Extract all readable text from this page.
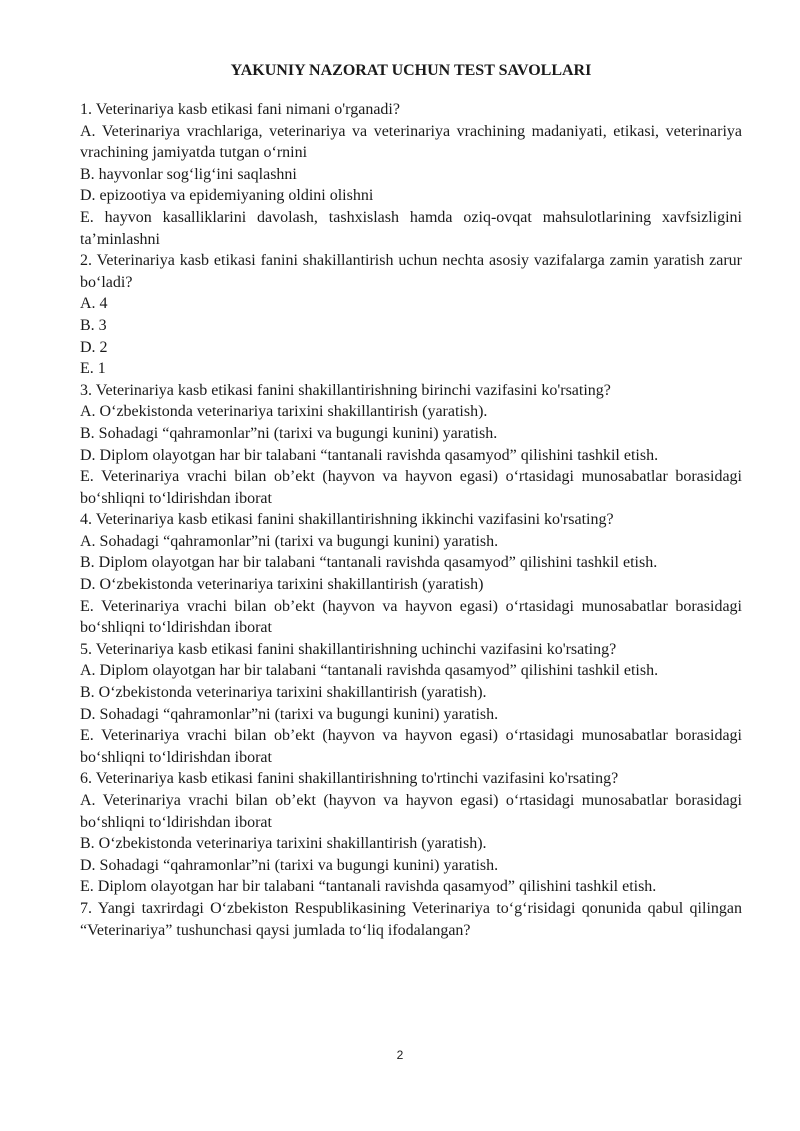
YAKUNIY NAZORAT UCHUN TEST SAVOLLARI

1. Veterinariya kasb etikasi fani nimani o'rganadi?

A. Veterinariya vrachlariga, veterinariya va veterinariya vrachining madaniyati, etikasi, veterinariya vrachining jamiyatda tutgan o‘rnini

B. hayvonlar sog‘lig‘ini saqlashni

D. epizootiya va epidemiyaning oldini olishni

E. hayvon kasalliklarini davolash, tashxislash hamda oziq-ovqat mahsulotlarining xavfsizligini ta’minlashni

2. Veterinariya kasb etikasi fanini shakillantirish uchun nechta asosiy vazifalarga zamin yaratish zarur bo‘ladi?

A. 4

B. 3

D. 2

E. 1

3. Veterinariya kasb etikasi fanini shakillantirishning birinchi vazifasini ko'rsating?

A. O‘zbekistonda veterinariya tarixini shakillantirish (yaratish).

B. Sohadagi “qahramonlar”ni (tarixi va bugungi kunini) yaratish.

D. Diplom olayotgan har bir talabani “tantanali ravishda qasamyod” qilishini tashkil etish.

E. Veterinariya vrachi bilan ob’ekt (hayvon va hayvon egasi) o‘rtasidagi munosabatlar borasidagi bo‘shliqni to‘ldirishdan iborat

4. Veterinariya kasb etikasi fanini shakillantirishning ikkinchi vazifasini ko'rsating?

A. Sohadagi “qahramonlar”ni (tarixi va bugungi kunini) yaratish.

B. Diplom olayotgan har bir talabani “tantanali ravishda qasamyod” qilishini tashkil etish.

D. O‘zbekistonda veterinariya tarixini shakillantirish (yaratish)

E. Veterinariya vrachi bilan ob’ekt (hayvon va hayvon egasi) o‘rtasidagi munosabatlar borasidagi bo‘shliqni to‘ldirishdan iborat

5. Veterinariya kasb etikasi fanini shakillantirishning uchinchi vazifasini ko'rsating?

A. Diplom olayotgan har bir talabani “tantanali ravishda qasamyod” qilishini tashkil etish.

B. O‘zbekistonda veterinariya tarixini shakillantirish (yaratish).

D. Sohadagi “qahramonlar”ni (tarixi va bugungi kunini) yaratish.

E. Veterinariya vrachi bilan ob’ekt (hayvon va hayvon egasi) o‘rtasidagi munosabatlar borasidagi bo‘shliqni to‘ldirishdan iborat

6. Veterinariya kasb etikasi fanini shakillantirishning to'rtinchi vazifasini ko'rsating?

A. Veterinariya vrachi bilan ob’ekt (hayvon va hayvon egasi) o‘rtasidagi munosabatlar borasidagi bo‘shliqni to‘ldirishdan iborat

B. O‘zbekistonda veterinariya tarixini shakillantirish (yaratish).

D. Sohadagi “qahramonlar”ni (tarixi va bugungi kunini) yaratish.

E. Diplom olayotgan har bir talabani “tantanali ravishda qasamyod” qilishini tashkil etish.

7. Yangi taxrirdagi O‘zbekiston Respublikasining Veterinariya to‘g‘risidagi qonunida qabul qilingan “Veterinariya” tushunchasi qaysi jumlada to‘liq ifodalangan?

2
